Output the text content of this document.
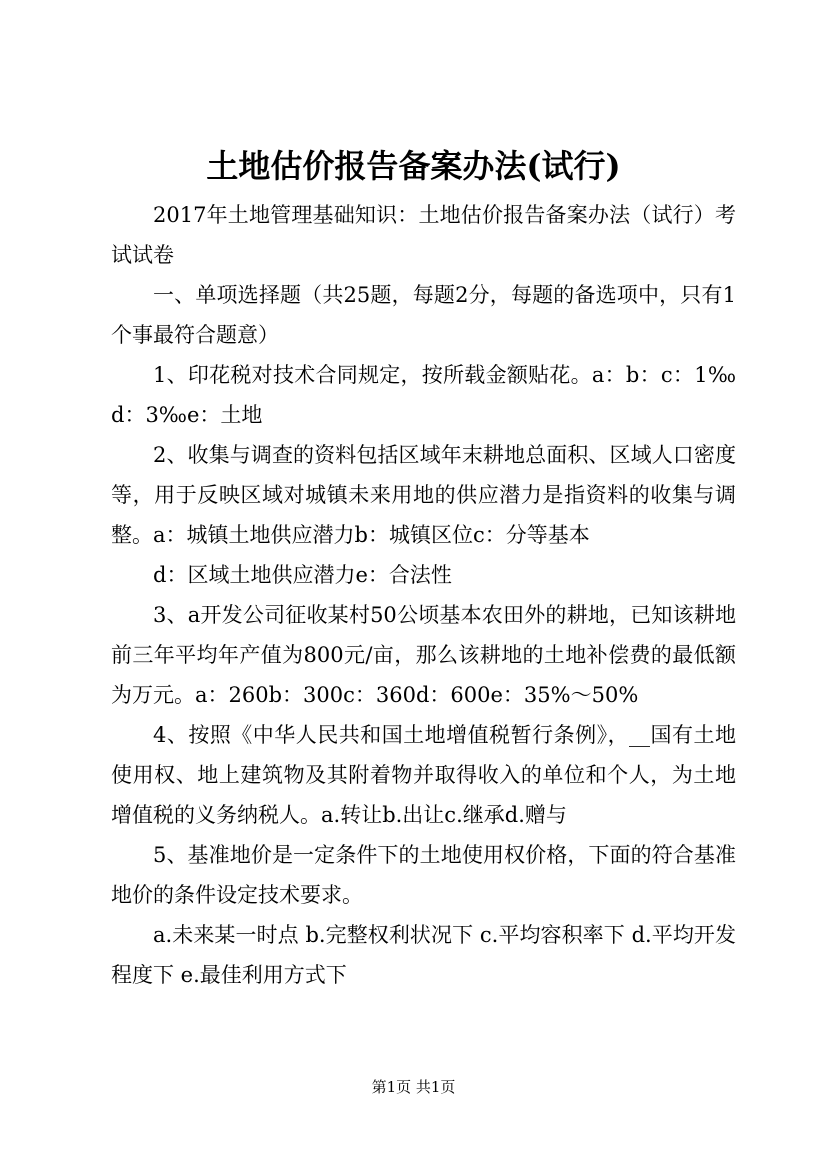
土地估价报告备案办法(试行)

2017年土地管理基础知识：土地估价报告备案办法（试行）考试试卷

一、单项选择题（共25题，每题2分，每题的备选项中，只有1个事最符合题意）

1、印花税对技术合同规定，按所载金额贴花。a：b：c：1‰d：3‰e：土地

2、收集与调查的资料包括区域年末耕地总面积、区域人口密度等，用于反映区域对城镇未来用地的供应潜力是指资料的收集与调整。a：城镇土地供应潜力b：城镇区位c：分等基本

d：区域土地供应潜力e：合法性

3、a开发公司征收某村50公顷基本农田外的耕地，已知该耕地前三年平均年产值为800元/亩，那么该耕地的土地补偿费的最低额为万元。a：260b：300c：360d：600e：35%～50%

4、按照《中华人民共和国土地增值税暂行条例》，__国有土地使用权、地上建筑物及其附着物并取得收入的单位和个人，为土地增值税的义务纳税人。a.转让b.出让c.继承d.赠与

5、基准地价是一定条件下的土地使用权价格，下面的符合基准地价的条件设定技术要求。

a.未来某一时点 b.完整权利状况下 c.平均容积率下 d.平均开发程度下 e.最佳利用方式下

第1页 共1页
